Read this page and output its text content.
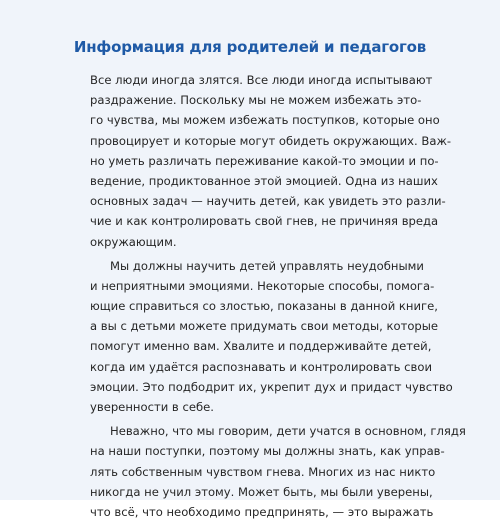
Информация для родителей и педагогов
Все люди иногда злятся. Все люди иногда испытывают
раздражение. Поскольку мы не можем избежать это-
го чувства, мы можем избежать поступков, которые оно
провоцирует и которые могут обидеть окружающих. Важ-
но уметь различать переживание какой-то эмоции и по-
ведение, продиктованное этой эмоцией. Одна из наших
основных задач — научить детей, как увидеть это разли-
чие и как контролировать свой гнев, не причиняя вреда
окружающим.
Мы должны научить детей управлять неудобными
и неприятными эмоциями. Некоторые способы, помога-
ющие справиться со злостью, показаны в данной книге,
а вы с детьми можете придумать свои методы, которые
помогут именно вам. Хвалите и поддерживайте детей,
когда им удаётся распознавать и контролировать свои
эмоции. Это подбодрит их, укрепит дух и придаст чувство
уверенности в себе.
Неважно, что мы говорим, дети учатся в основном, глядя
на наши поступки, поэтому мы должны знать, как управ-
лять собственным чувством гнева. Многих из нас никто
никогда не учил этому. Может быть, мы были уверены,
что всё, что необходимо предпринять, — это выражать
